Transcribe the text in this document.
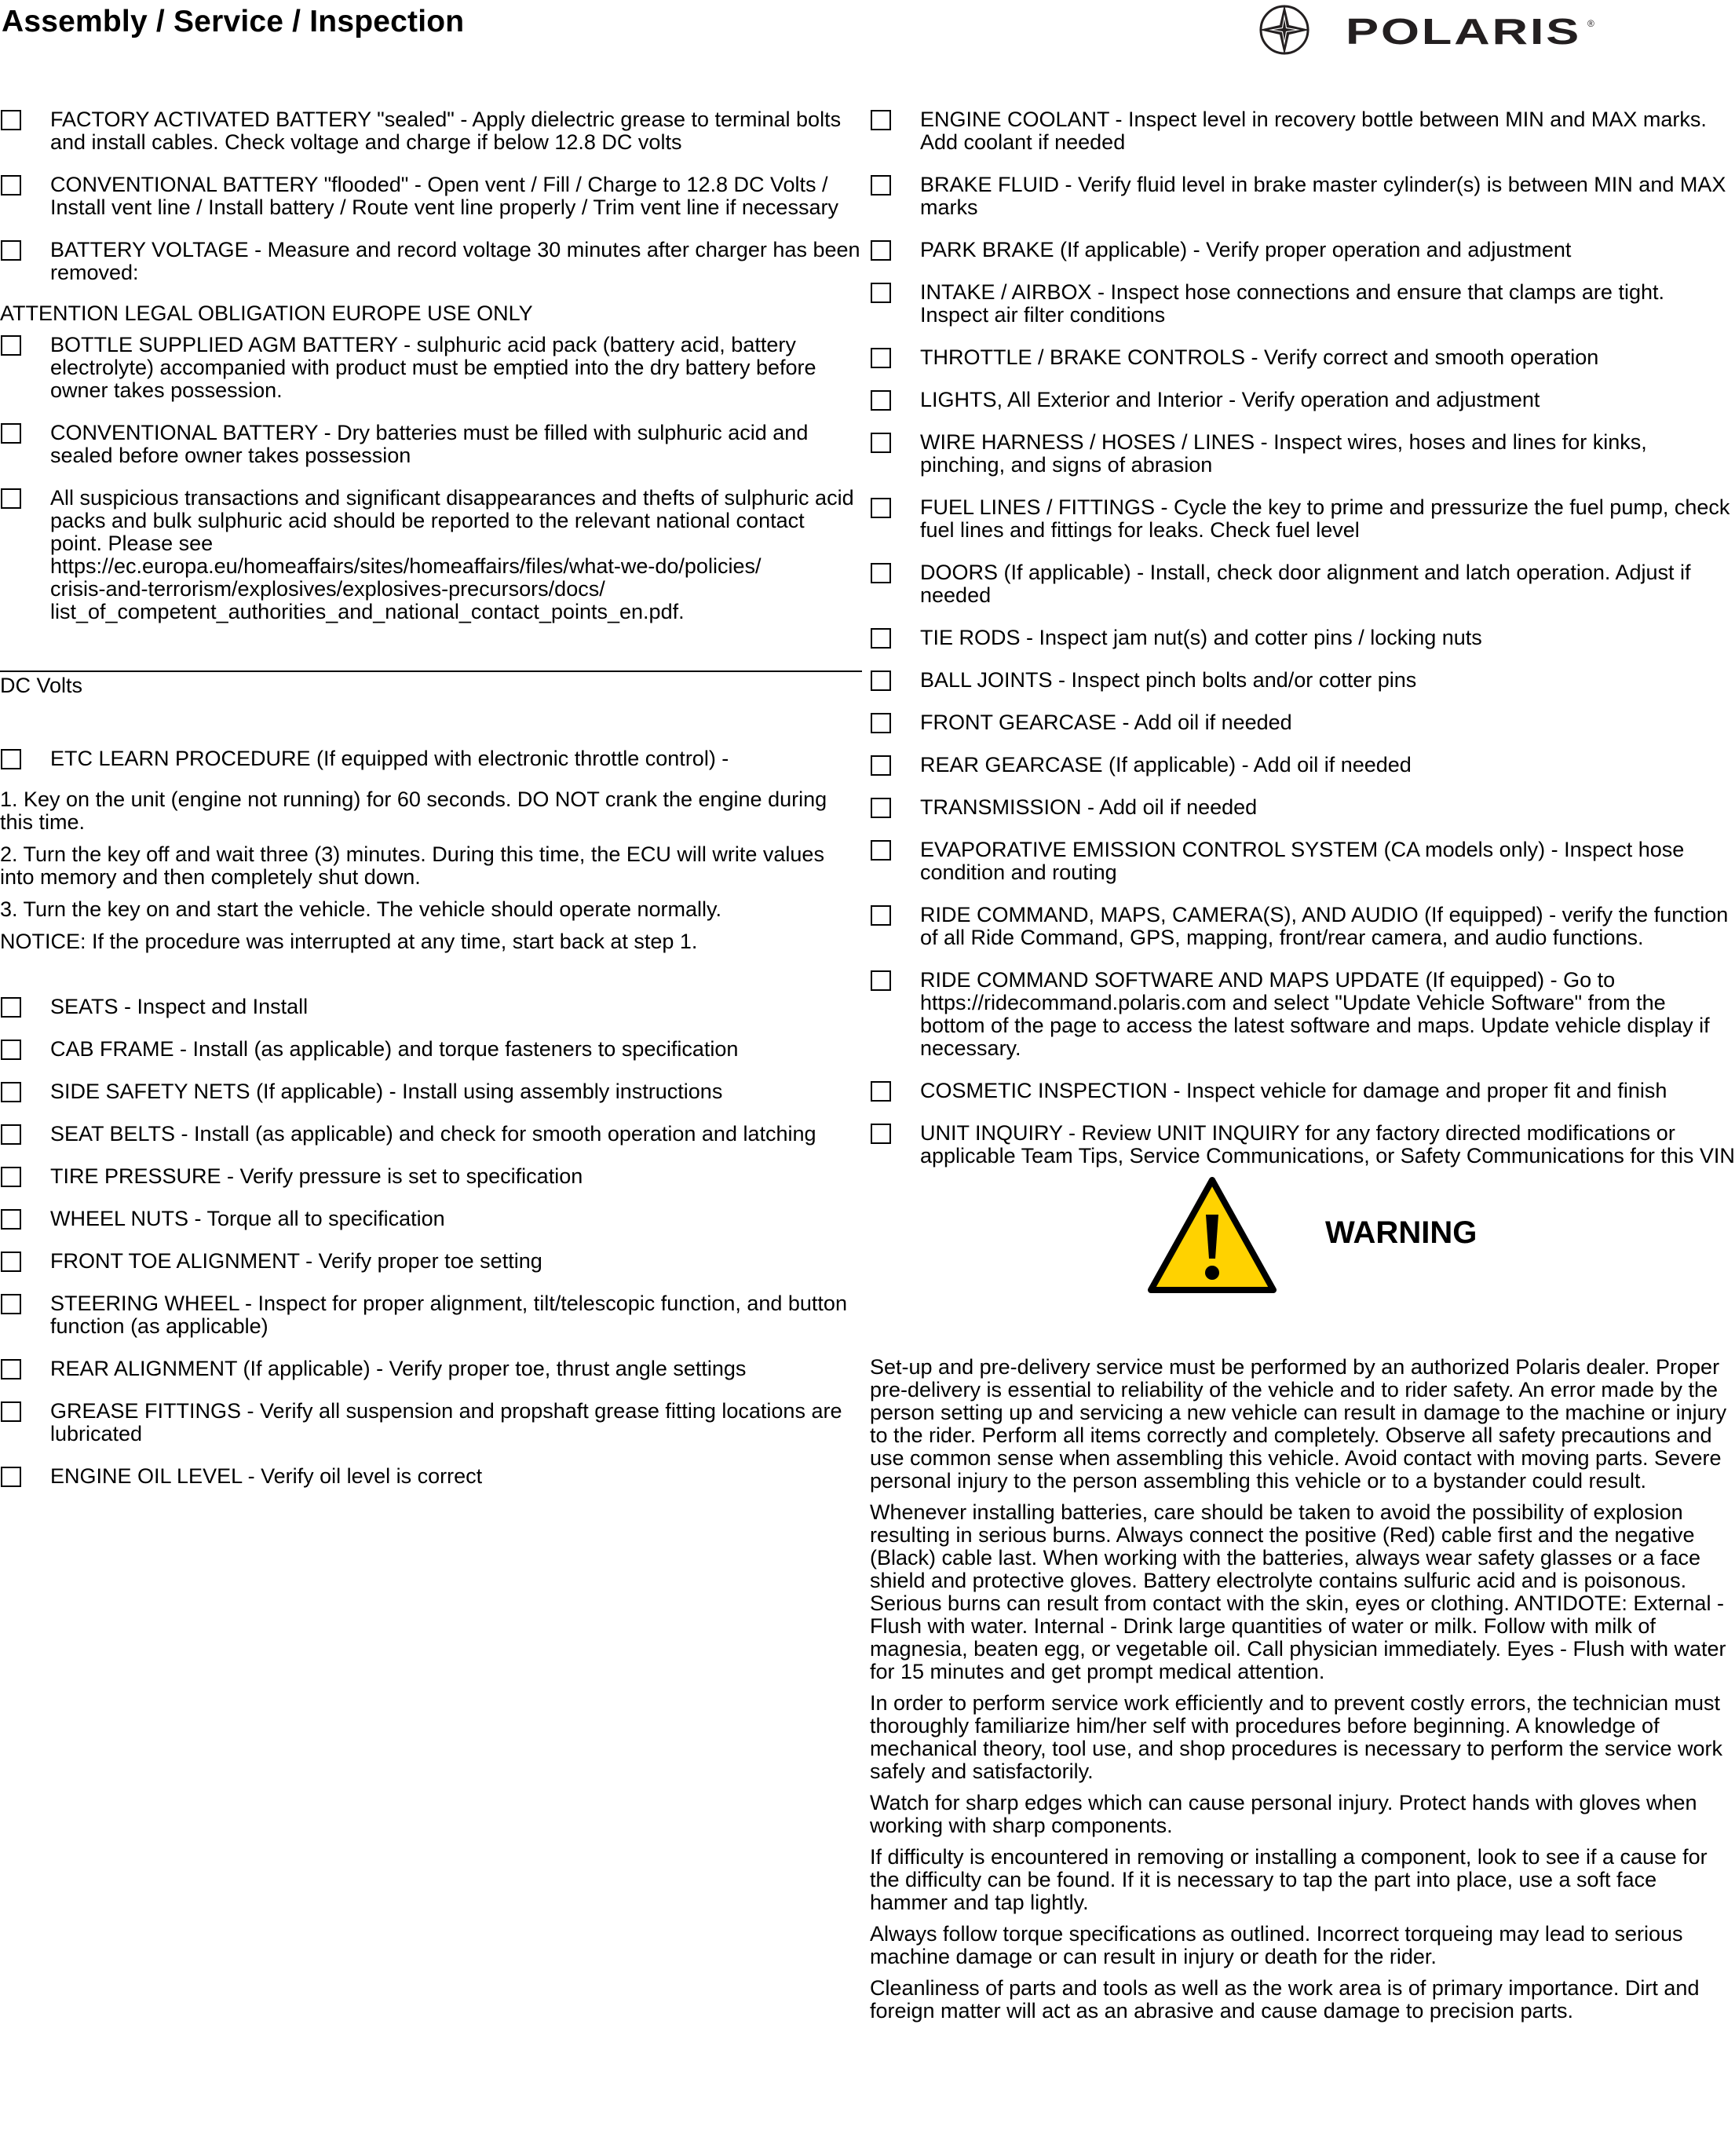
Assembly / Service / Inspection	POLARIS ®
FACTORY ACTIVATED BATTERY "sealed" - Apply dielectric grease to terminal bolts and install cables. Check voltage and charge if below 12.8 DC volts
CONVENTIONAL BATTERY "flooded" - Open vent / Fill / Charge to 12.8 DC Volts / Install vent line / Install battery / Route vent line properly / Trim vent line if necessary
BATTERY VOLTAGE - Measure and record voltage 30 minutes after charger has been removed:
ATTENTION LEGAL OBLIGATION EUROPE USE ONLY
BOTTLE SUPPLIED AGM BATTERY - sulphuric acid pack (battery acid, battery electrolyte) accompanied with product must be emptied into the dry battery before owner takes possession.
CONVENTIONAL BATTERY - Dry batteries must be filled with sulphuric acid and sealed before owner takes possession
All suspicious transactions and significant disappearances and thefts of sulphuric acid packs and bulk sulphuric acid should be reported to the relevant national contact point. Please see
https://ec.europa.eu/homeaffairs/sites/homeaffairs/files/what-we-do/policies/
crisis-and-terrorism/explosives/explosives-precursors/docs/
list_of_competent_authorities_and_national_contact_points_en.pdf.
DC Volts
ETC LEARN PROCEDURE (If equipped with electronic throttle control) -
1. Key on the unit (engine not running) for 60 seconds. DO NOT crank the engine during this time.
2. Turn the key off and wait three (3) minutes. During this time, the ECU will write values into memory and then completely shut down.
3. Turn the key on and start the vehicle. The vehicle should operate normally.
NOTICE: If the procedure was interrupted at any time, start back at step 1.
SEATS - Inspect and Install
CAB FRAME - Install (as applicable) and torque fasteners to specification
SIDE SAFETY NETS (If applicable) - Install using assembly instructions
SEAT BELTS - Install (as applicable) and check for smooth operation and latching
TIRE PRESSURE - Verify pressure is set to specification
WHEEL NUTS - Torque all to specification
FRONT TOE ALIGNMENT - Verify proper toe setting
STEERING WHEEL - Inspect for proper alignment, tilt/telescopic function, and button function (as applicable)
REAR ALIGNMENT (If applicable) - Verify proper toe, thrust angle settings
GREASE FITTINGS - Verify all suspension and propshaft grease fitting locations are lubricated
ENGINE OIL LEVEL - Verify oil level is correct
ENGINE COOLANT - Inspect level in recovery bottle between MIN and MAX marks. Add coolant if needed
BRAKE FLUID - Verify fluid level in brake master cylinder(s) is between MIN and MAX marks
PARK BRAKE (If applicable) - Verify proper operation and adjustment
INTAKE / AIRBOX - Inspect hose connections and ensure that clamps are tight. Inspect air filter conditions
THROTTLE / BRAKE CONTROLS - Verify correct and smooth operation
LIGHTS, All Exterior and Interior - Verify operation and adjustment
WIRE HARNESS / HOSES / LINES - Inspect wires, hoses and lines for kinks, pinching, and signs of abrasion
FUEL LINES / FITTINGS - Cycle the key to prime and pressurize the fuel pump, check fuel lines and fittings for leaks. Check fuel level
DOORS (If applicable) - Install, check door alignment and latch operation. Adjust if needed
TIE RODS - Inspect jam nut(s) and cotter pins / locking nuts
BALL JOINTS - Inspect pinch bolts and/or cotter pins
FRONT GEARCASE - Add oil if needed
REAR GEARCASE (If applicable) - Add oil if needed
TRANSMISSION - Add oil if needed
EVAPORATIVE EMISSION CONTROL SYSTEM (CA models only) - Inspect hose condition and routing
RIDE COMMAND, MAPS, CAMERA(S), AND AUDIO (If equipped) - verify the function of all Ride Command, GPS, mapping, front/rear camera, and audio functions.
RIDE COMMAND SOFTWARE AND MAPS UPDATE (If equipped) - Go to https://ridecommand.polaris.com and select "Update Vehicle Software" from the bottom of the page to access the latest software and maps. Update vehicle display if necessary.
COSMETIC INSPECTION - Inspect vehicle for damage and proper fit and finish
UNIT INQUIRY - Review UNIT INQUIRY for any factory directed modifications or applicable Team Tips, Service Communications, or Safety Communications for this VIN
WARNING
Set-up and pre-delivery service must be performed by an authorized Polaris dealer. Proper pre-delivery is essential to reliability of the vehicle and to rider safety. An error made by the person setting up and servicing a new vehicle can result in damage to the machine or injury to the rider. Perform all items correctly and completely. Observe all safety precautions and use common sense when assembling this vehicle. Avoid contact with moving parts. Severe personal injury to the person assembling this vehicle or to a bystander could result.
Whenever installing batteries, care should be taken to avoid the possibility of explosion resulting in serious burns. Always connect the positive (Red) cable first and the negative (Black) cable last. When working with the batteries, always wear safety glasses or a face shield and protective gloves. Battery electrolyte contains sulfuric acid and is poisonous. Serious burns can result from contact with the skin, eyes or clothing. ANTIDOTE: External - Flush with water. Internal - Drink large quantities of water or milk. Follow with milk of magnesia, beaten egg, or vegetable oil. Call physician immediately. Eyes - Flush with water for 15 minutes and get prompt medical attention.
In order to perform service work efficiently and to prevent costly errors, the technician must thoroughly familiarize him/her self with procedures before beginning. A knowledge of mechanical theory, tool use, and shop procedures is necessary to perform the service work safely and satisfactorily.
Watch for sharp edges which can cause personal injury. Protect hands with gloves when working with sharp components.
If difficulty is encountered in removing or installing a component, look to see if a cause for the difficulty can be found. If it is necessary to tap the part into place, use a soft face hammer and tap lightly.
Always follow torque specifications as outlined. Incorrect torqueing may lead to serious machine damage or can result in injury or death for the rider.
Cleanliness of parts and tools as well as the work area is of primary importance. Dirt and foreign matter will act as an abrasive and cause damage to precision parts.
